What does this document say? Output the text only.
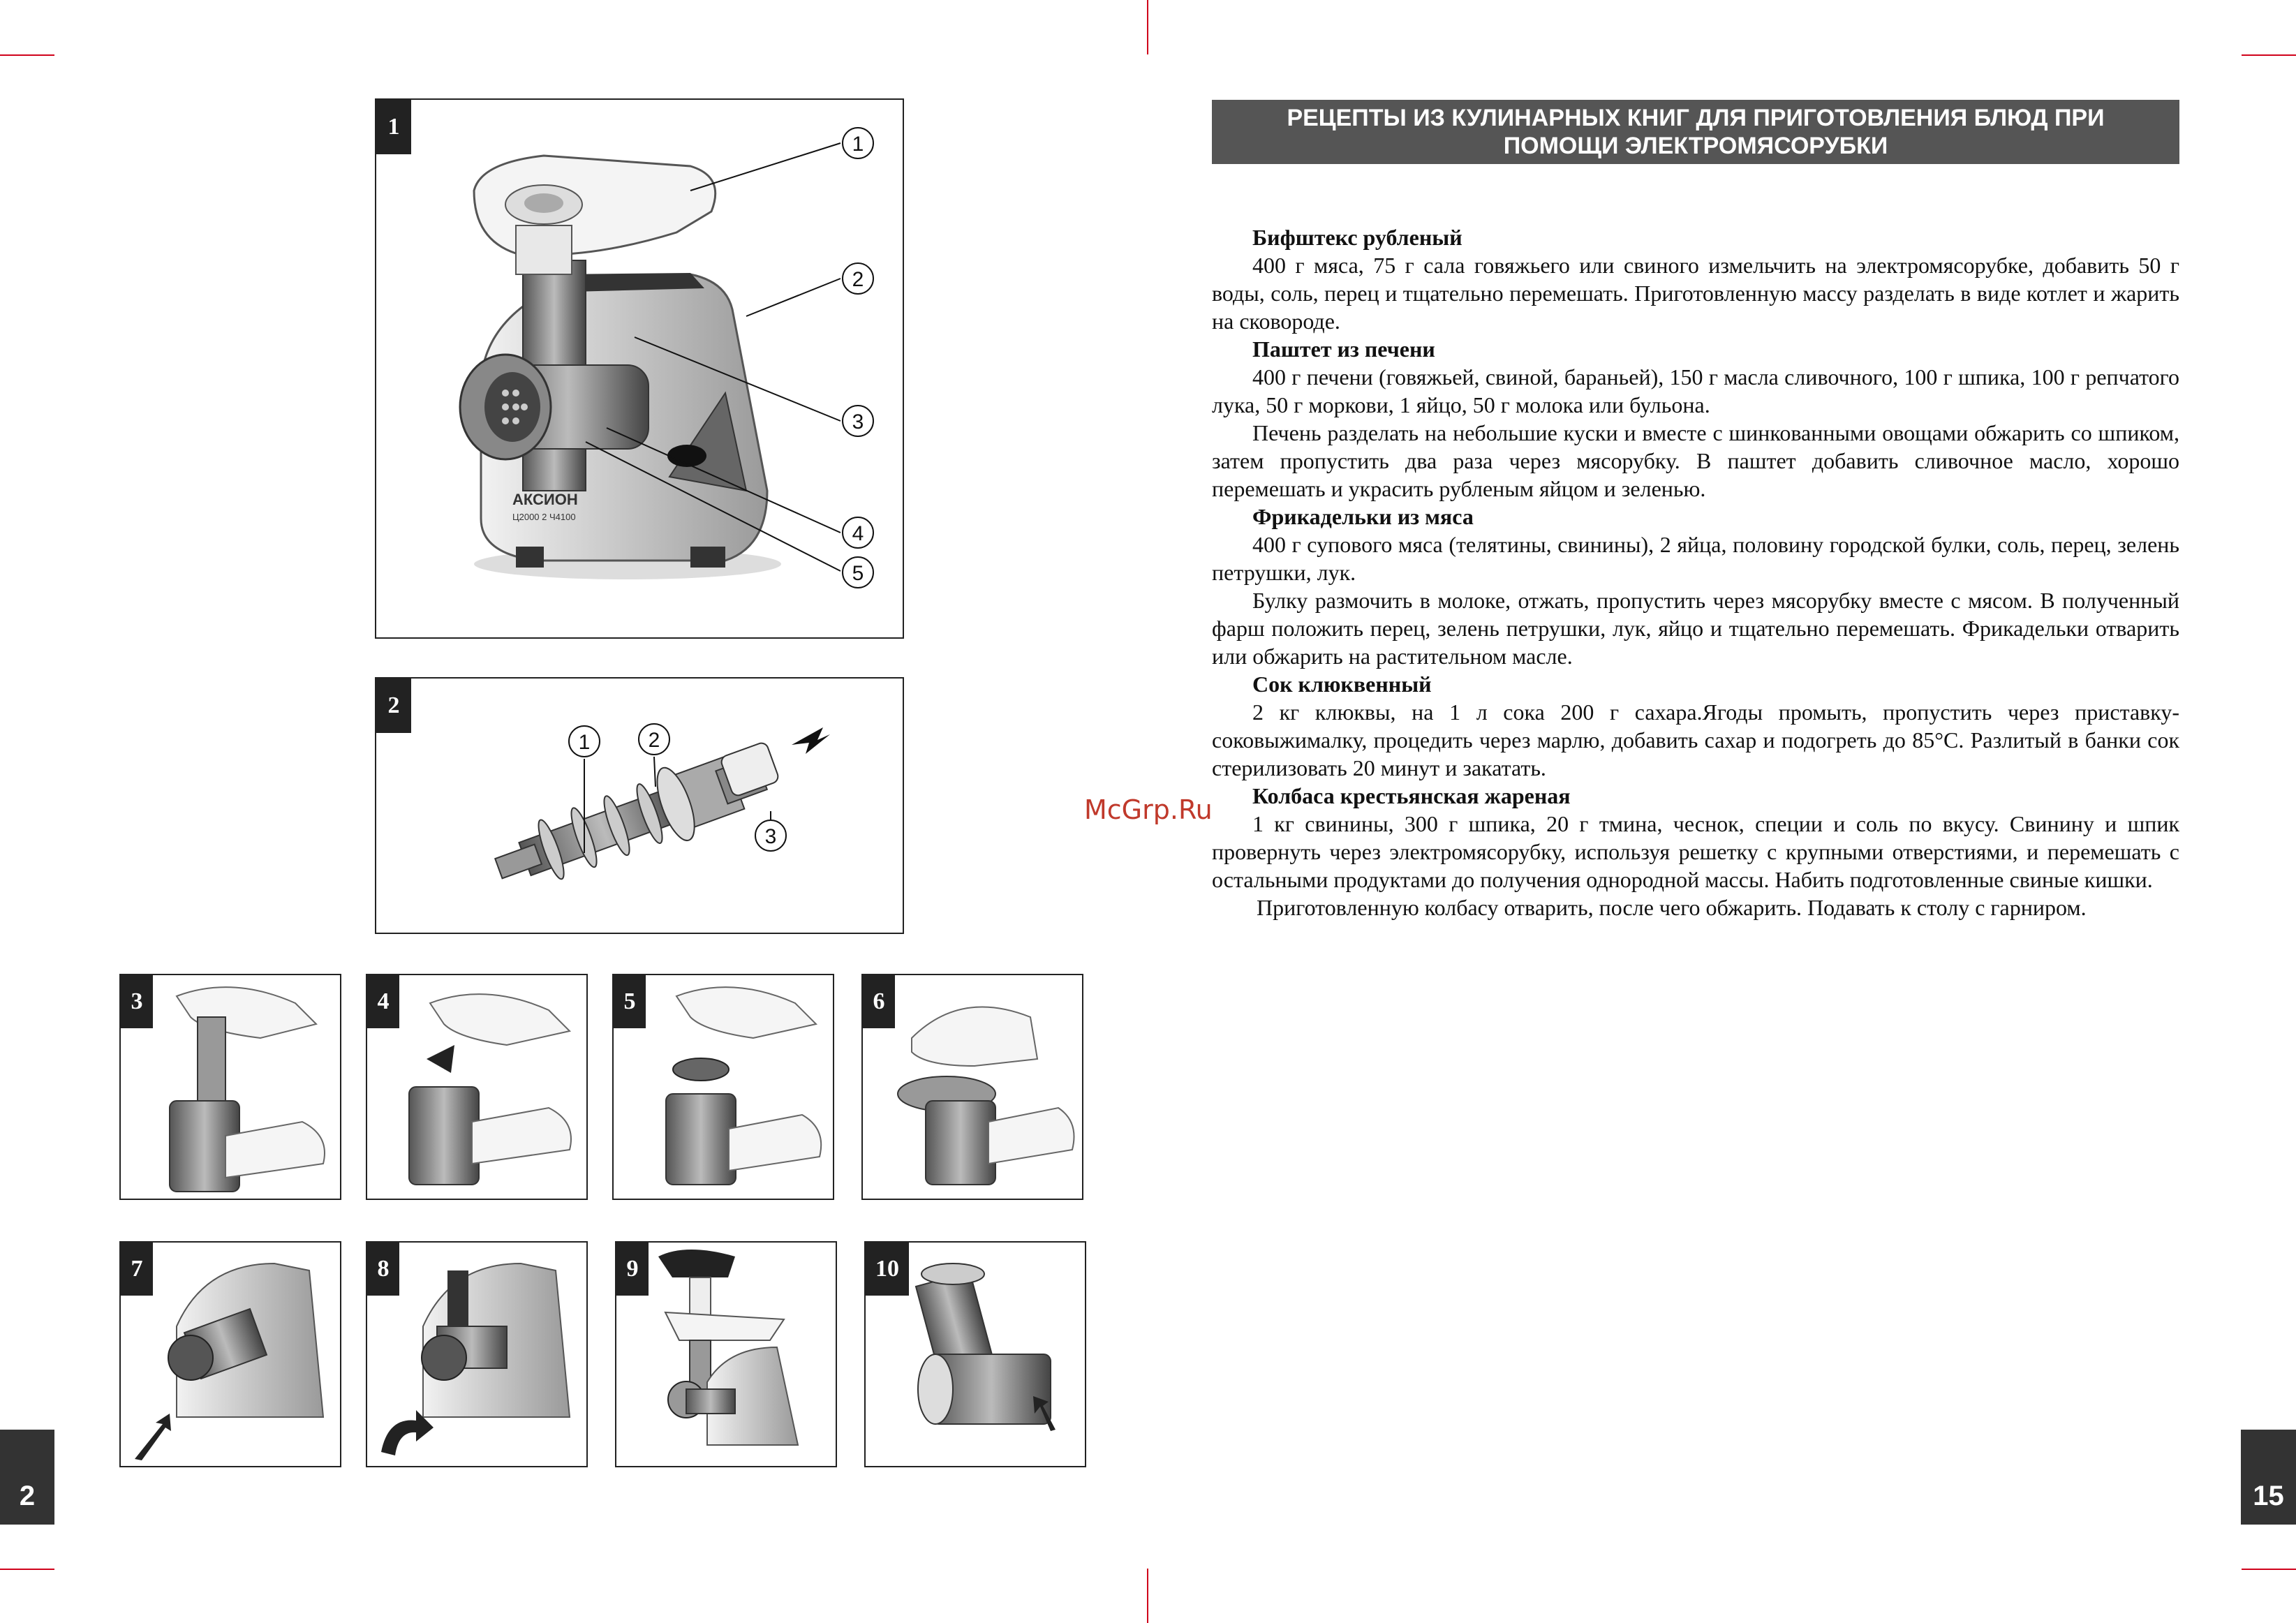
2	15
1
АКСИОН
Ц2000 2 Ч4100
1
2
3
4
5
2
1	2
3
3	4	5	6
7	8	9	10
McGrp.Ru
РЕЦЕПТЫ ИЗ КУЛИНАРНЫХ КНИГ ДЛЯ ПРИГОТОВЛЕНИЯ БЛЮД ПРИ
ПОМОЩИ ЭЛЕКТРОМЯСОРУБКИ

Бифштекс рубленый

400 г мяса, 75 г сала говяжьего или свиного измельчить на электромясорубке, добавить 50 г воды, соль, перец и тщательно перемешать. Приготовленную массу разделать в виде котлет и жарить на сковороде.

Паштет из печени

400 г печени (говяжьей, свиной, бараньей), 150 г масла сливочного, 100 г шпика, 100 г репчатого лука, 50 г моркови, 1 яйцо, 50 г молока или бульона.

Печень разделать на небольшие куски и вместе с шинкованными овощами обжарить со шпиком, затем пропустить два раза через мясорубку. В паштет добавить сливочное масло, хорошо перемешать и украсить рубленым яйцом и зеленью.

Фрикадельки из мяса

400 г супового мяса (телятины, свинины), 2 яйца, половину городской булки, соль, перец, зелень петрушки, лук.

Булку размочить в молоке, отжать, пропустить через мясорубку вместе с мясом. В полученный фарш положить перец, зелень петрушки, лук, яйцо и тщательно перемешать. Фрикадельки отварить или обжарить на растительном масле.

Сок клюквенный

2 кг клюквы, на 1 л сока 200 г сахара.Ягоды промыть, пропустить через приставку-соковыжималку, процедить через марлю, добавить сахар и подогреть до 85°С. Разлитый в банки сок стерилизовать 20 минут и закатать.

Колбаса крестьянская жареная

1 кг свинины, 300 г шпика, 20 г тмина, чеснок, специи и соль по вкусу. Свинину и шпик провернуть через электромясорубку, используя решетку с крупными отверстиями, и перемешать с остальными продуктами до получения однородной массы. Набить подготовленные свиные кишки.

Приготовленную колбасу отварить, после чего обжарить. Подавать к столу с гарниром.
